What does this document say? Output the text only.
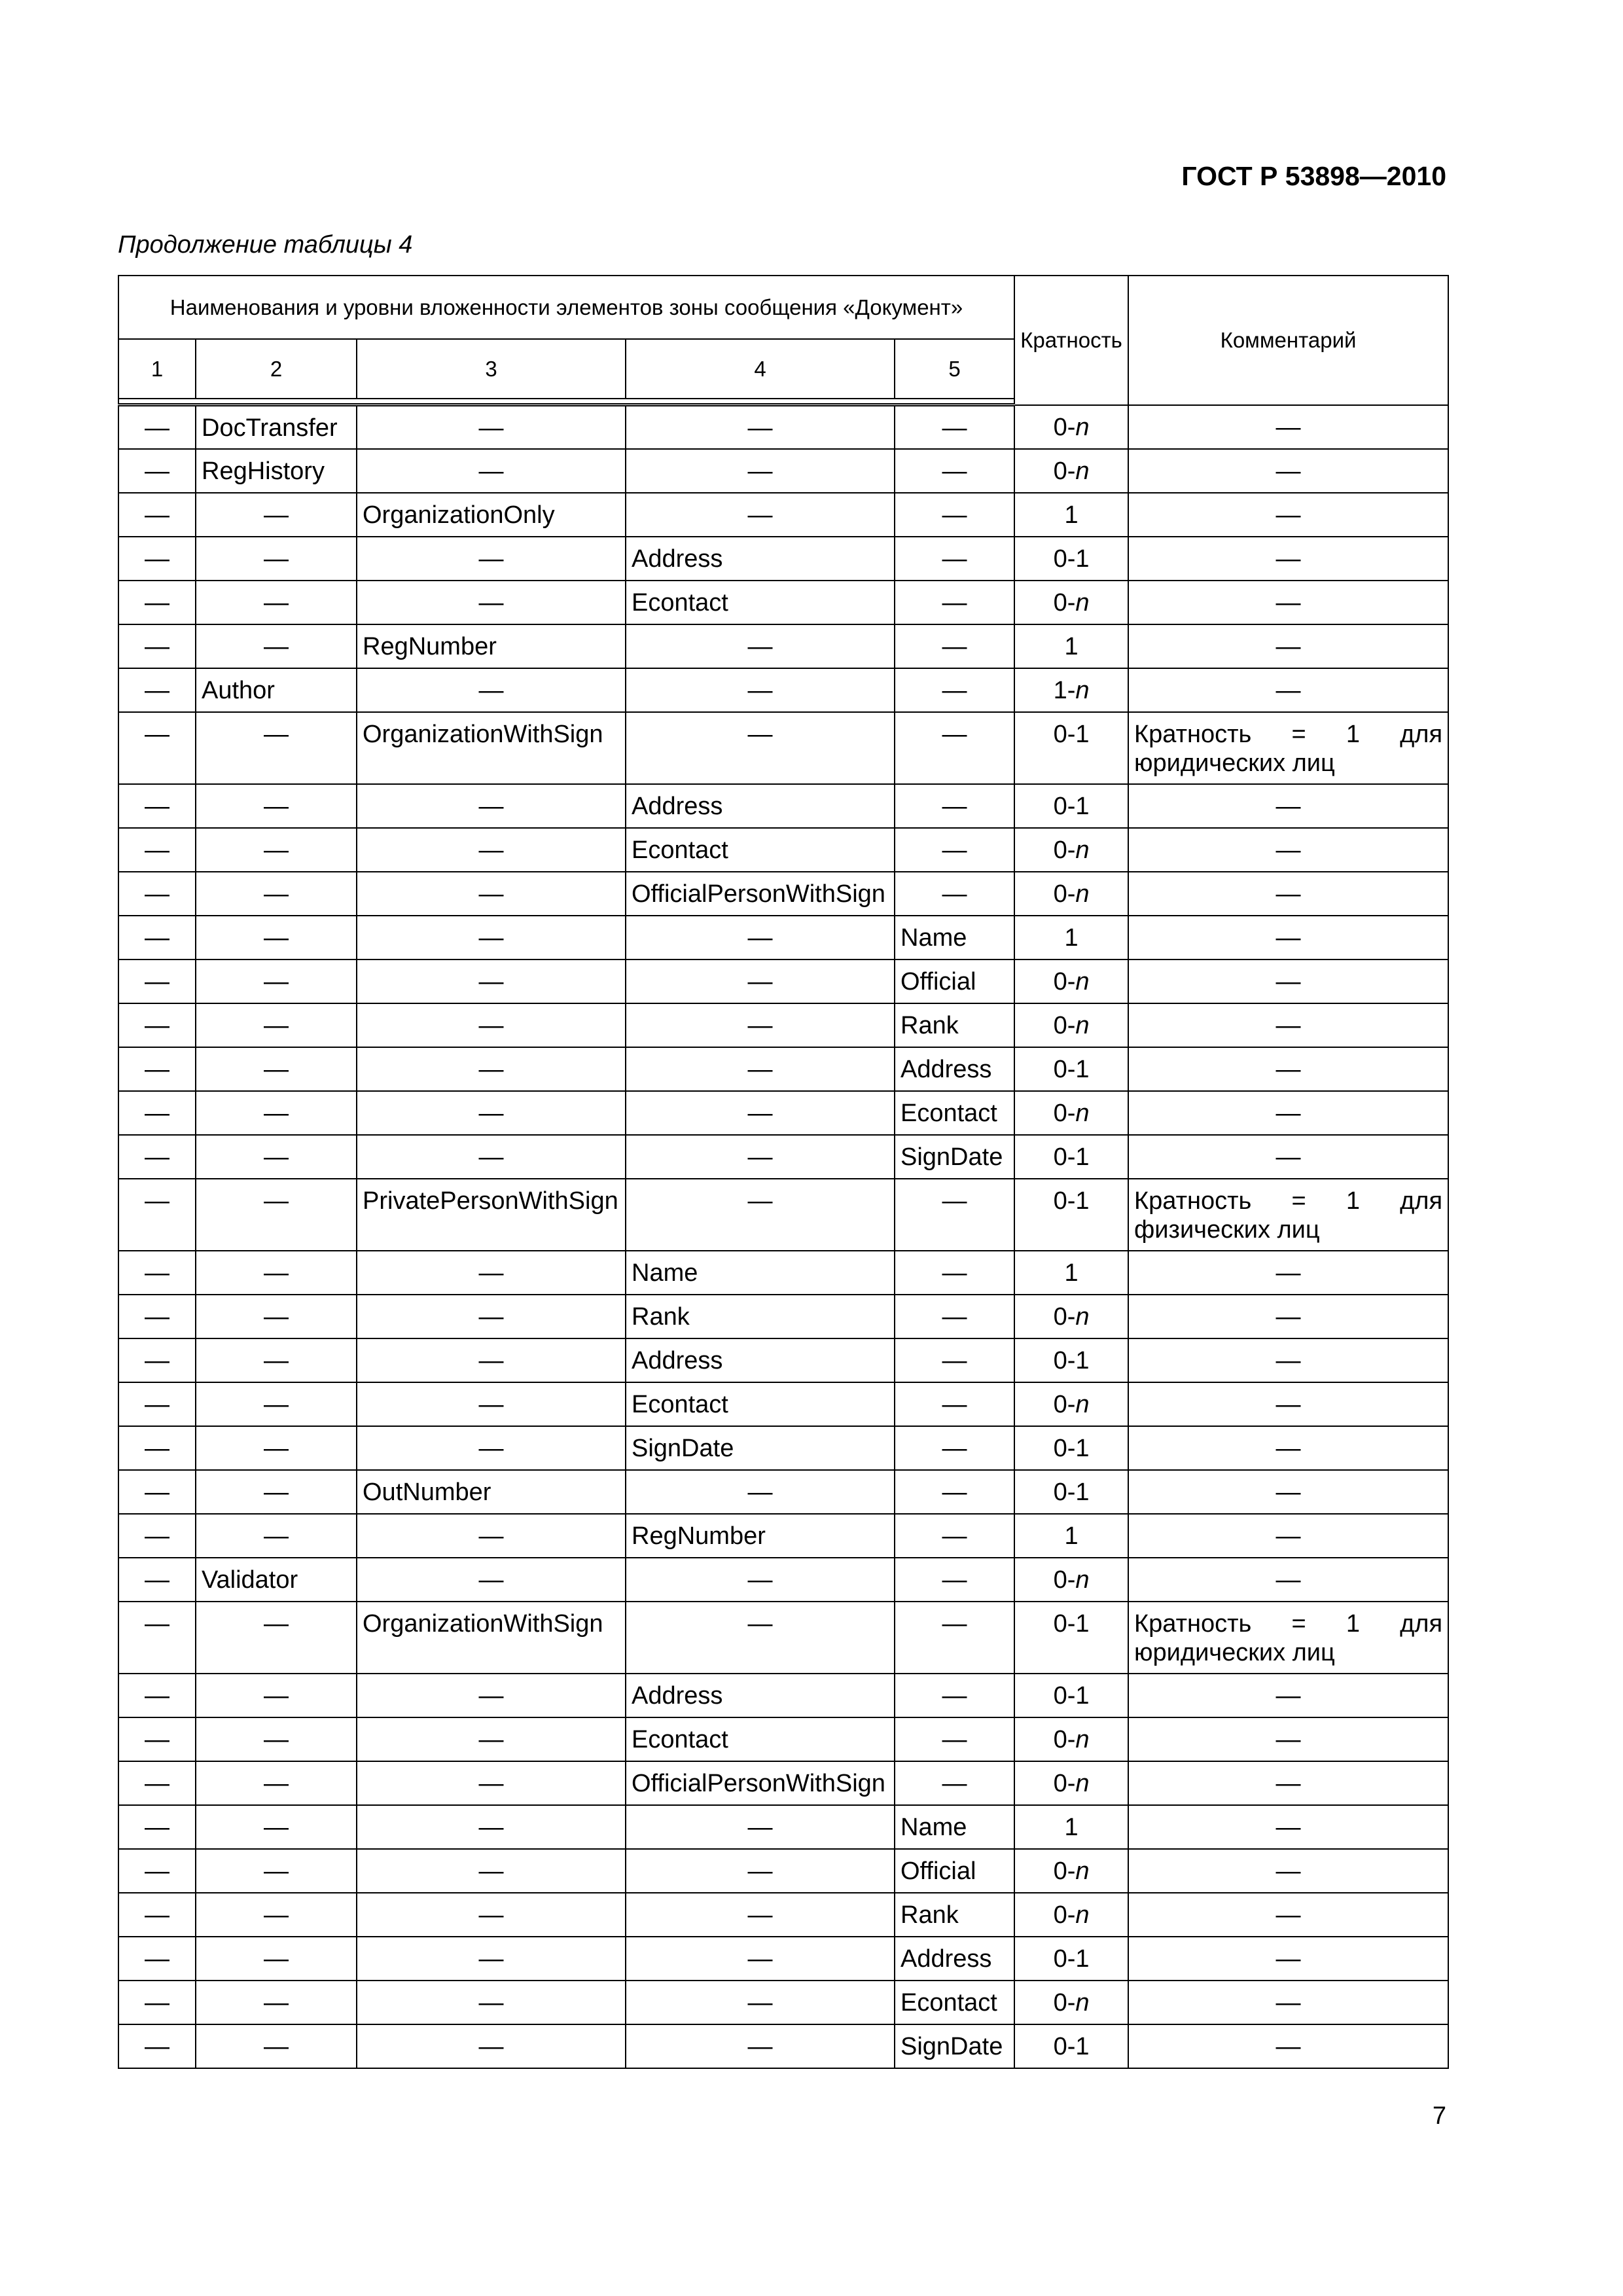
ГОСТ Р 53898—2010
Продолжение таблицы 4
Наименования и уровни вложенности элементов зоны сообщения «Документ»					Кратность	Комментарий
1	2	3	4	5		

—	DocTransfer	—	—	—	0-n	—
—	RegHistory	—	—	—	0-n	—
—	—	OrganizationOnly	—	—	1	—
—	—	—	Address	—	0-1	—
—	—	—	Econtact	—	0-n	—
—	—	RegNumber	—	—	1	—
—	Author	—	—	—	1-n	—
—	—	OrganizationWithSign	—	—	0-1	Кратность = 1 для юридических лиц
—	—	—	Address	—	0-1	—
—	—	—	Econtact	—	0-n	—
—	—	—	OfficialPersonWithSign	—	0-n	—
—	—	—	—	Name	1	—
—	—	—	—	Official	0-n	—
—	—	—	—	Rank	0-n	—
—	—	—	—	Address	0-1	—
—	—	—	—	Econtact	0-n	—
—	—	—	—	SignDate	0-1	—
—	—	PrivatePersonWithSign	—	—	0-1	Кратность = 1 для физических лиц
—	—	—	Name	—	1	—
—	—	—	Rank	—	0-n	—
—	—	—	Address	—	0-1	—
—	—	—	Econtact	—	0-n	—
—	—	—	SignDate	—	0-1	—
—	—	OutNumber	—	—	0-1	—
—	—	—	RegNumber	—	1	—
—	Validator	—	—	—	0-n	—
—	—	OrganizationWithSign	—	—	0-1	Кратность = 1 для юридических лиц
—	—	—	Address	—	0-1	—
—	—	—	Econtact	—	0-n	—
—	—	—	OfficialPersonWithSign	—	0-n	—
—	—	—	—	Name	1	—
—	—	—	—	Official	0-n	—
—	—	—	—	Rank	0-n	—
—	—	—	—	Address	0-1	—
—	—	—	—	Econtact	0-n	—
—	—	—	—	SignDate	0-1	—
7
